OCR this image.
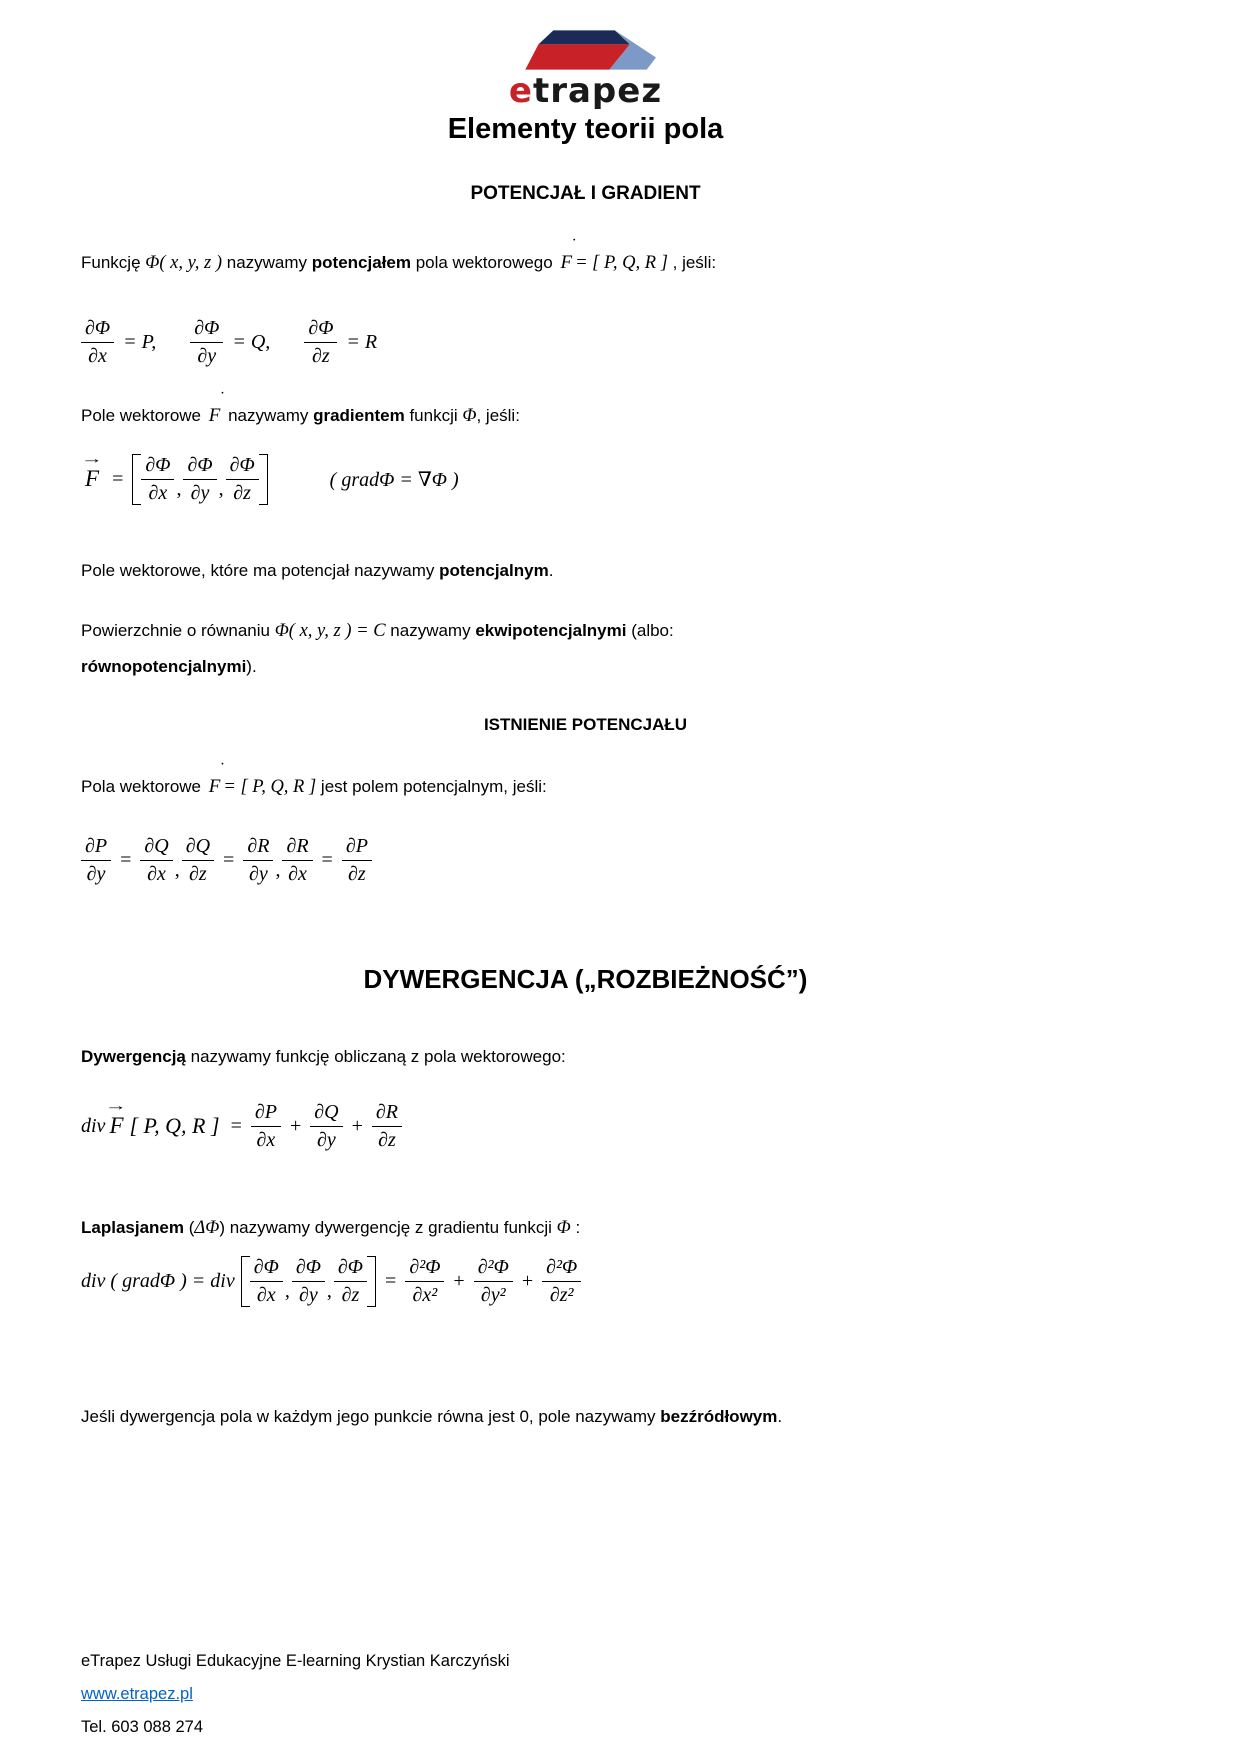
etrapez
Elementy teorii pola
POTENCJAŁ I GRADIENT
Funkcję Φ( x, y, z ) nazywamy potencjałem pola wektorowego F
˙
= [ P, Q, R ] , jeśli:
$\frac{\partial\Phi}{\partial x} = P$, $\frac{\partial\Phi}{\partial y} = Q$, $\frac{\partial\Phi}{\partial z} = R$
Pole wektorowe F
˙
nazywamy gradientem funkcji Φ, jeśli:
F
→
= $\frac{\partial\Phi}{\partial x}$ , $\frac{\partial\Phi}{\partial y}$ , $\frac{\partial\Phi}{\partial z}$	( gradΦ = ∇Φ )
Pole wektorowe, które ma potencjał nazywamy potencjalnym.
Powierzchnie o równaniu Φ( x, y, z ) = C nazywamy ekwipotencjalnymi (albo:
równopotencjalnymi).
ISTNIENIE POTENCJAŁU
Pola wektorowe F
˙
= [ P, Q, R ] jest polem potencjalnym, jeśli:
$\frac{\partial P}{\partial y} = \frac{\partial Q}{\partial x}$ , $\frac{\partial Q}{\partial z} = \frac{\partial R}{\partial y}$ , $\frac{\partial R}{\partial x} = \frac{\partial P}{\partial z}$
DYWERGENCJA („ROZBIEŻNOŚĆ”)
Dywergencją nazywamy funkcję obliczaną z pola wektorowego:
div F
→
[ P, Q, R ] = $\frac{\partial P}{\partial x} + \frac{\partial Q}{\partial y} + \frac{\partial R}{\partial z}$
Laplasjanem (ΔΦ) nazywamy dywergencję z gradientu funkcji Φ :
div ( gradΦ ) = div $\frac{\partial\Phi}{\partial x}$ , $\frac{\partial\Phi}{\partial y}$ , $\frac{\partial\Phi}{\partial z} = \frac{\text{∂²Φ}}{\text{∂x²}} + \frac{\text{∂²Φ}}{\text{∂y²}} + \frac{\text{∂²Φ}}{\text{∂z²}}$
Jeśli dywergencja pola w każdym jego punkcie równa jest 0, pole nazywamy bezźródłowym.
eTrapez Usługi Edukacyjne E-learning Krystian Karczyński
www.etrapez.pl
Tel. 603 088 274
